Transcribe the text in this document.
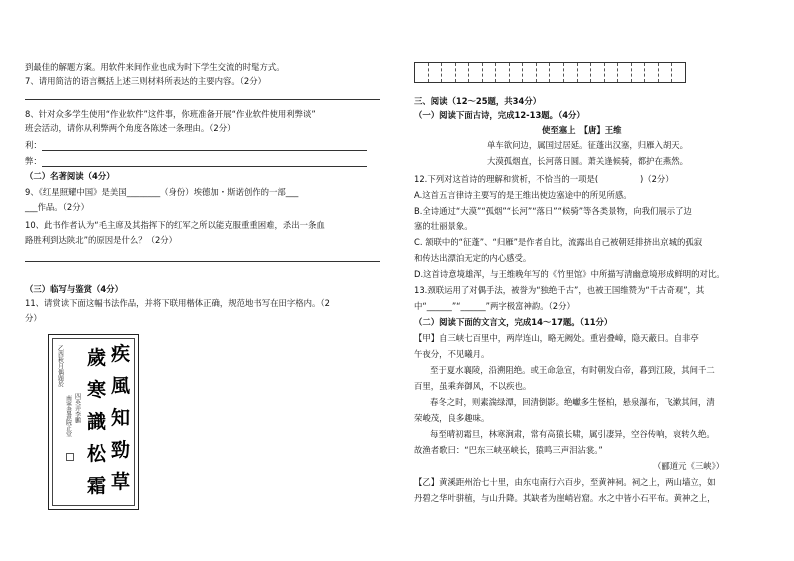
到最佳的解题方案。用软件来间作业也成为时下学生交流的时髦方式。
7、请用简洁的语言概括上述三则材料所表达的主要内容。（2分）
8、针对众多学生使用“作业软件”这件事，你班准备开展“作业软件使用利弊谈”
班会活动，请你从利弊两个角度各陈述一条理由。（2分）
利：
弊：
（二）名著阅读（4分）
9、《红星照耀中国》是美国________（身份）埃德加・斯诺创作的一部___
___作品。（2分）
10、此书作者认为“毛主席及其指挥下的红军之所以能克服重重困难，杀出一条血
路胜利到达陕北”的原因是什么？（2分）
（三）临写与鉴赏（4分）
11、请赏读下面这幅书法作品，并将下联用楷体正确，规范地书写在田字格内。（2
分）
疾
風
知
勁
草
歲
寒
識
松
霜
乙酉秋月偶題於
四英弄李鵬
南寧書畫院正堂
三、阅读（12～25题，共34分）
（一）阅读下面古诗，完成12-13题。（4分）
使至塞上　【唐】王维
单车欲问边，属国过居延。征蓬出汉塞，归雁入胡天。
大漠孤烟直，长河落日圆。萧关逢候骑，都护在燕然。
12.下列对这首诗的理解和赏析，不恰当的一项是(　　　　　)（2分）
A.这首五言律诗主要写的是王维出使边塞途中的所见所感。
B.全诗通过“大漠”“孤烟”“长河”“落日”“候骑”等各类景物，向我们展示了边
塞的壮丽景象。
C. 颔联中的“征蓬”、“归雁”是作者自比，流露出自己被朝廷排挤出京城的孤寂
和传达出漂泊无定的内心感受。
D.这首诗意境雄浑，与王维晚年写的《竹里馆》中所描写清幽意境形成鲜明的对比。
13.颈联运用了对偶手法，被誉为“独绝千古”，也被王国维赞为“千古奇观”，其
中“______”“______”两字极富神韵。（2分）
（二）阅读下面的文言文，完成14～17题。（11分）
【甲】自三峡七百里中，两岸连山，略无阙处。重岩叠嶂，隐天蔽日。自非亭
午夜分，不见曦月。
至于夏水襄陵，沿溯阻绝。或王命急宣，有时朝发白帝，暮到江陵，其间千二
百里，虽乘奔御风，不以疾也。
春冬之时，则素湍绿潭，回清倒影。绝巘多生怪柏，悬泉瀑布，飞漱其间，清
荣峻茂，良多趣味。
每至晴初霜旦，林寒涧肃，常有高猿长啸，属引凄异，空谷传响，哀转久绝。
故渔者歌曰：“巴东三峡巫峡长，猿鸣三声泪沾裳。”
（郦道元《三峡》）
【乙】黄溪距州治七十里，由东屯南行六百步，至黄神祠。祠之上，两山墙立，如
丹碧之华叶骈植，与山升降。其缺者为崖峭岩窟。水之中皆小石平布。黄神之上，
